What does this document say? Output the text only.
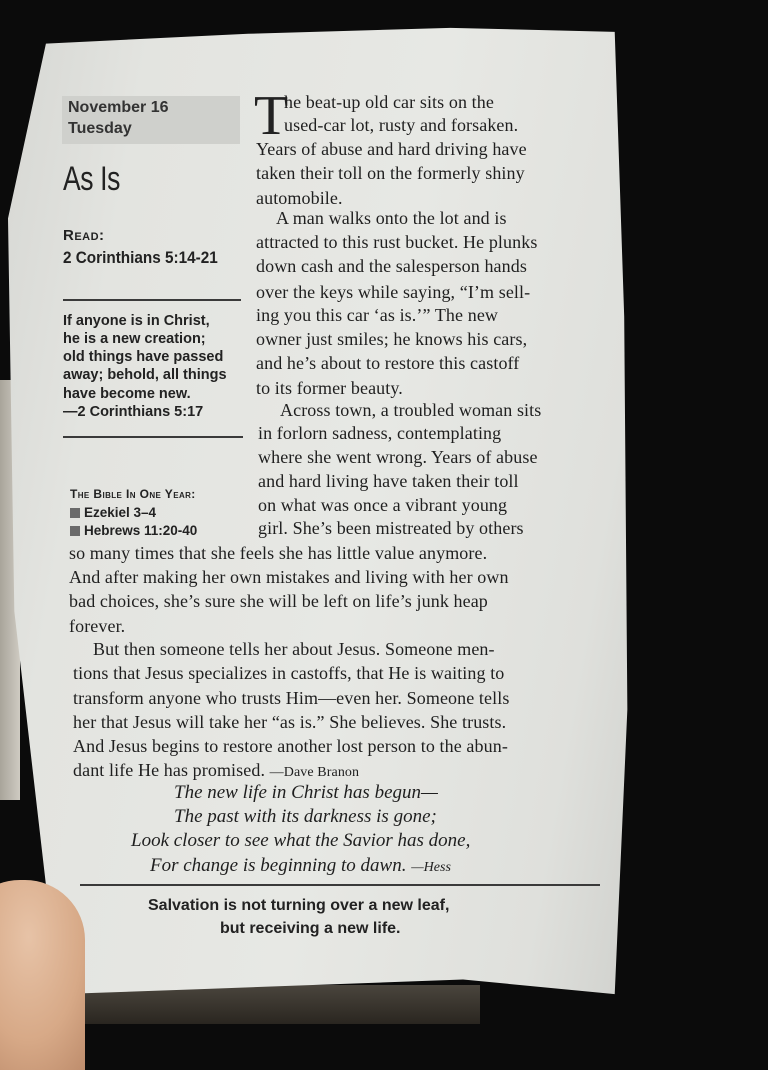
November 16
Tuesday
As Is
Read:
2 Corinthians 5:14-21
If anyone is in Christ,
he is a new creation;
old things have passed
away; behold, all things
have become new.
—2 Corinthians 5:17
The Bible In One Year:
Ezekiel 3–4
Hebrews 11:20-40
T
he beat-up old car sits on the
used-car lot, rusty and forsaken.
Years of abuse and hard driving have
taken their toll on the formerly shiny
automobile.
A man walks onto the lot and is
attracted to this rust bucket. He plunks
down cash and the salesperson hands
over the keys while saying, “I’m sell-
ing you this car ‘as is.’” The new
owner just smiles; he knows his cars,
and he’s about to restore this castoff
to its former beauty.
Across town, a troubled woman sits
in forlorn sadness, contemplating
where she went wrong. Years of abuse
and hard living have taken their toll
on what was once a vibrant young
girl. She’s been mistreated by others
so many times that she feels she has little value anymore.
And after making her own mistakes and living with her own
bad choices, she’s sure she will be left on life’s junk heap
forever.
But then someone tells her about Jesus. Someone men-
tions that Jesus specializes in castoffs, that He is waiting to
transform anyone who trusts Him—even her. Someone tells
her that Jesus will take her “as is.” She believes. She trusts.
And Jesus begins to restore another lost person to the abun-
dant life He has promised. —Dave Branon
The new life in Christ has begun—
The past with its darkness is gone;
Look closer to see what the Savior has done,
For change is beginning to dawn. —Hess
Salvation is not turning over a new leaf,
but receiving a new life.
